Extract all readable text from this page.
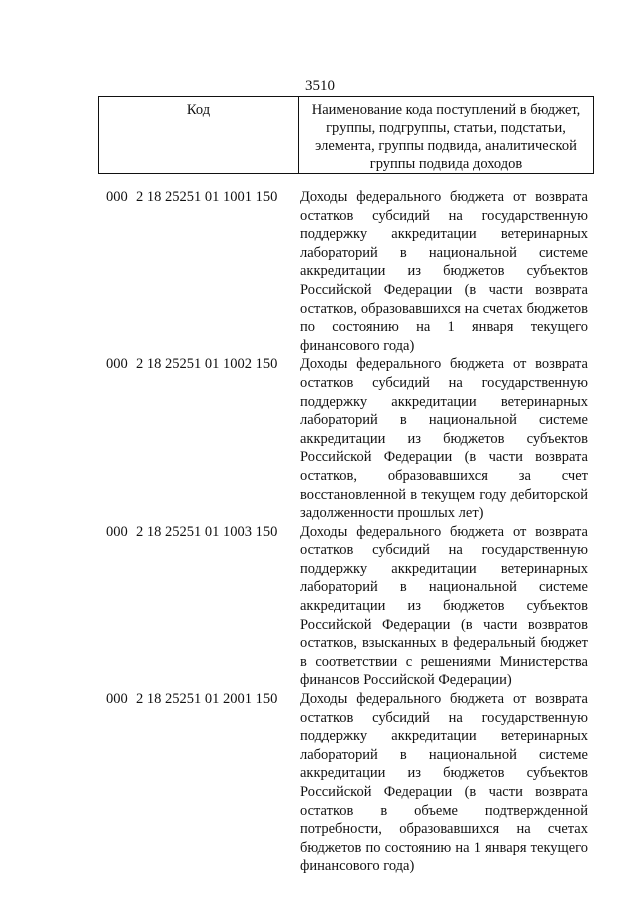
3510
Код	Наименование кода поступлений в бюджет, группы, подгруппы, статьи, подстатьи, элемента, группы подвида, аналитической группы подвида доходов
000 2 18 25251 01 1001 150	Доходы федерального бюджета от возврата остатков субсидий на государственную поддержку аккредитации ветеринарных лабораторий в национальной системе аккредитации из бюджетов субъектов Российской Федерации (в части возврата остатков, образовавшихся на счетах бюджетов по состоянию на 1 января текущего финансового года)
000 2 18 25251 01 1002 150	Доходы федерального бюджета от возврата остатков субсидий на государственную поддержку аккредитации ветеринарных лабораторий в национальной системе аккредитации из бюджетов субъектов Российской Федерации (в части возврата остатков, образовавшихся за счет восстановленной в текущем году дебиторской задолженности прошлых лет)
000 2 18 25251 01 1003 150	Доходы федерального бюджета от возврата остатков субсидий на государственную поддержку аккредитации ветеринарных лабораторий в национальной системе аккредитации из бюджетов субъектов Российской Федерации (в части возвратов остатков, взысканных в федеральный бюджет в соответствии с решениями Министерства финансов Российской Федерации)
000 2 18 25251 01 2001 150	Доходы федерального бюджета от возврата остатков субсидий на государственную поддержку аккредитации ветеринарных лабораторий в национальной системе аккредитации из бюджетов субъектов Российской Федерации (в части возврата остатков в объеме подтвержденной потребности, образовавшихся на счетах бюджетов по состоянию на 1 января текущего финансового года)
